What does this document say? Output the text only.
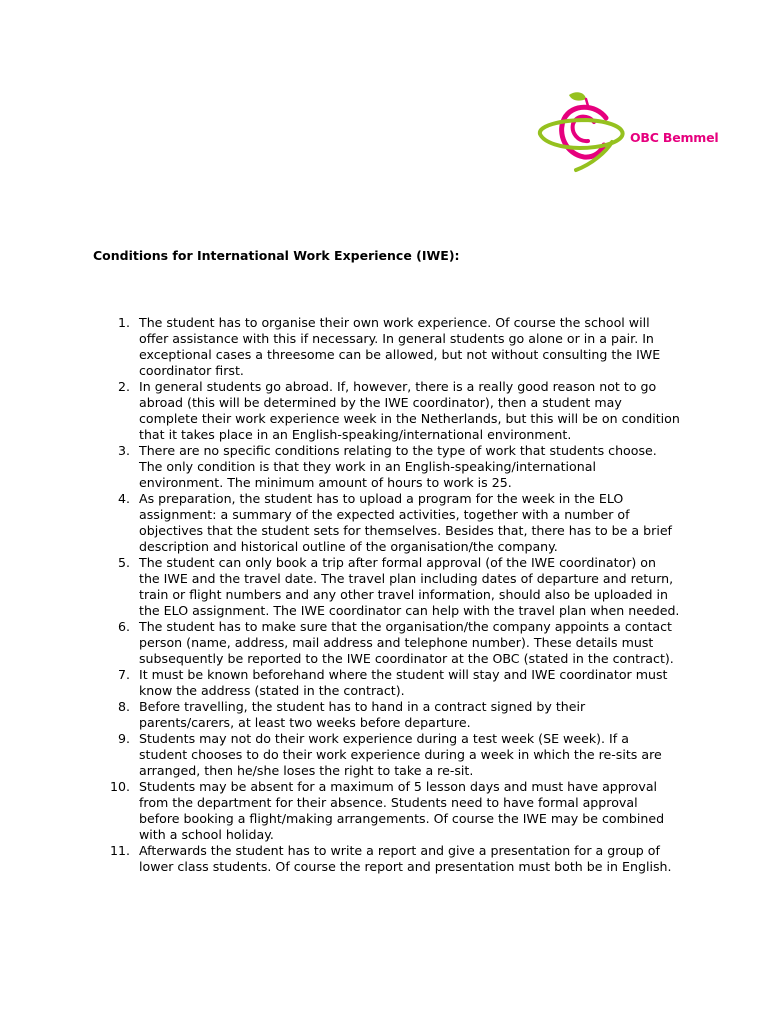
OBC Bemmel
Conditions for International Work Experience (IWE):
1. The student has to organise their own work experience. Of course the school will offer assistance with this if necessary. In general students go alone or in a pair. In exceptional cases a threesome can be allowed, but not without consulting the IWE coordinator first.
2. In general students go abroad. If, however, there is a really good reason not to go abroad (this will be determined by the IWE coordinator), then a student may complete their work experience week in the Netherlands, but this will be on condition that it takes place in an English-speaking/international environment.
3. There are no specific conditions relating to the type of work that students choose. The only condition is that they work in an English-speaking/international environment. The minimum amount of hours to work is 25.
4. As preparation, the student has to upload a program for the week in the ELO assignment: a summary of the expected activities, together with a number of objectives that the student sets for themselves. Besides that, there has to be a brief description and historical outline of the organisation/the company.
5. The student can only book a trip after formal approval (of the IWE coordinator) on the IWE and the travel date. The travel plan including dates of departure and return, train or flight numbers and any other travel information, should also be uploaded in the ELO assignment. The IWE coordinator can help with the travel plan when needed.
6. The student has to make sure that the organisation/the company appoints a contact person (name, address, mail address and telephone number). These details must subsequently be reported to the IWE coordinator at the OBC (stated in the contract).
7. It must be known beforehand where the student will stay and IWE coordinator must know the address (stated in the contract).
8. Before travelling, the student has to hand in a contract signed by their parents/carers, at least two weeks before departure.
9. Students may not do their work experience during a test week (SE week). If a student chooses to do their work experience during a week in which the re-sits are arranged, then he/she loses the right to take a re-sit.
10. Students may be absent for a maximum of 5 lesson days and must have approval from the department for their absence. Students need to have formal approval before booking a flight/making arrangements. Of course the IWE may be combined with a school holiday.
11. Afterwards the student has to write a report and give a presentation for a group of lower class students. Of course the report and presentation must both be in English.
